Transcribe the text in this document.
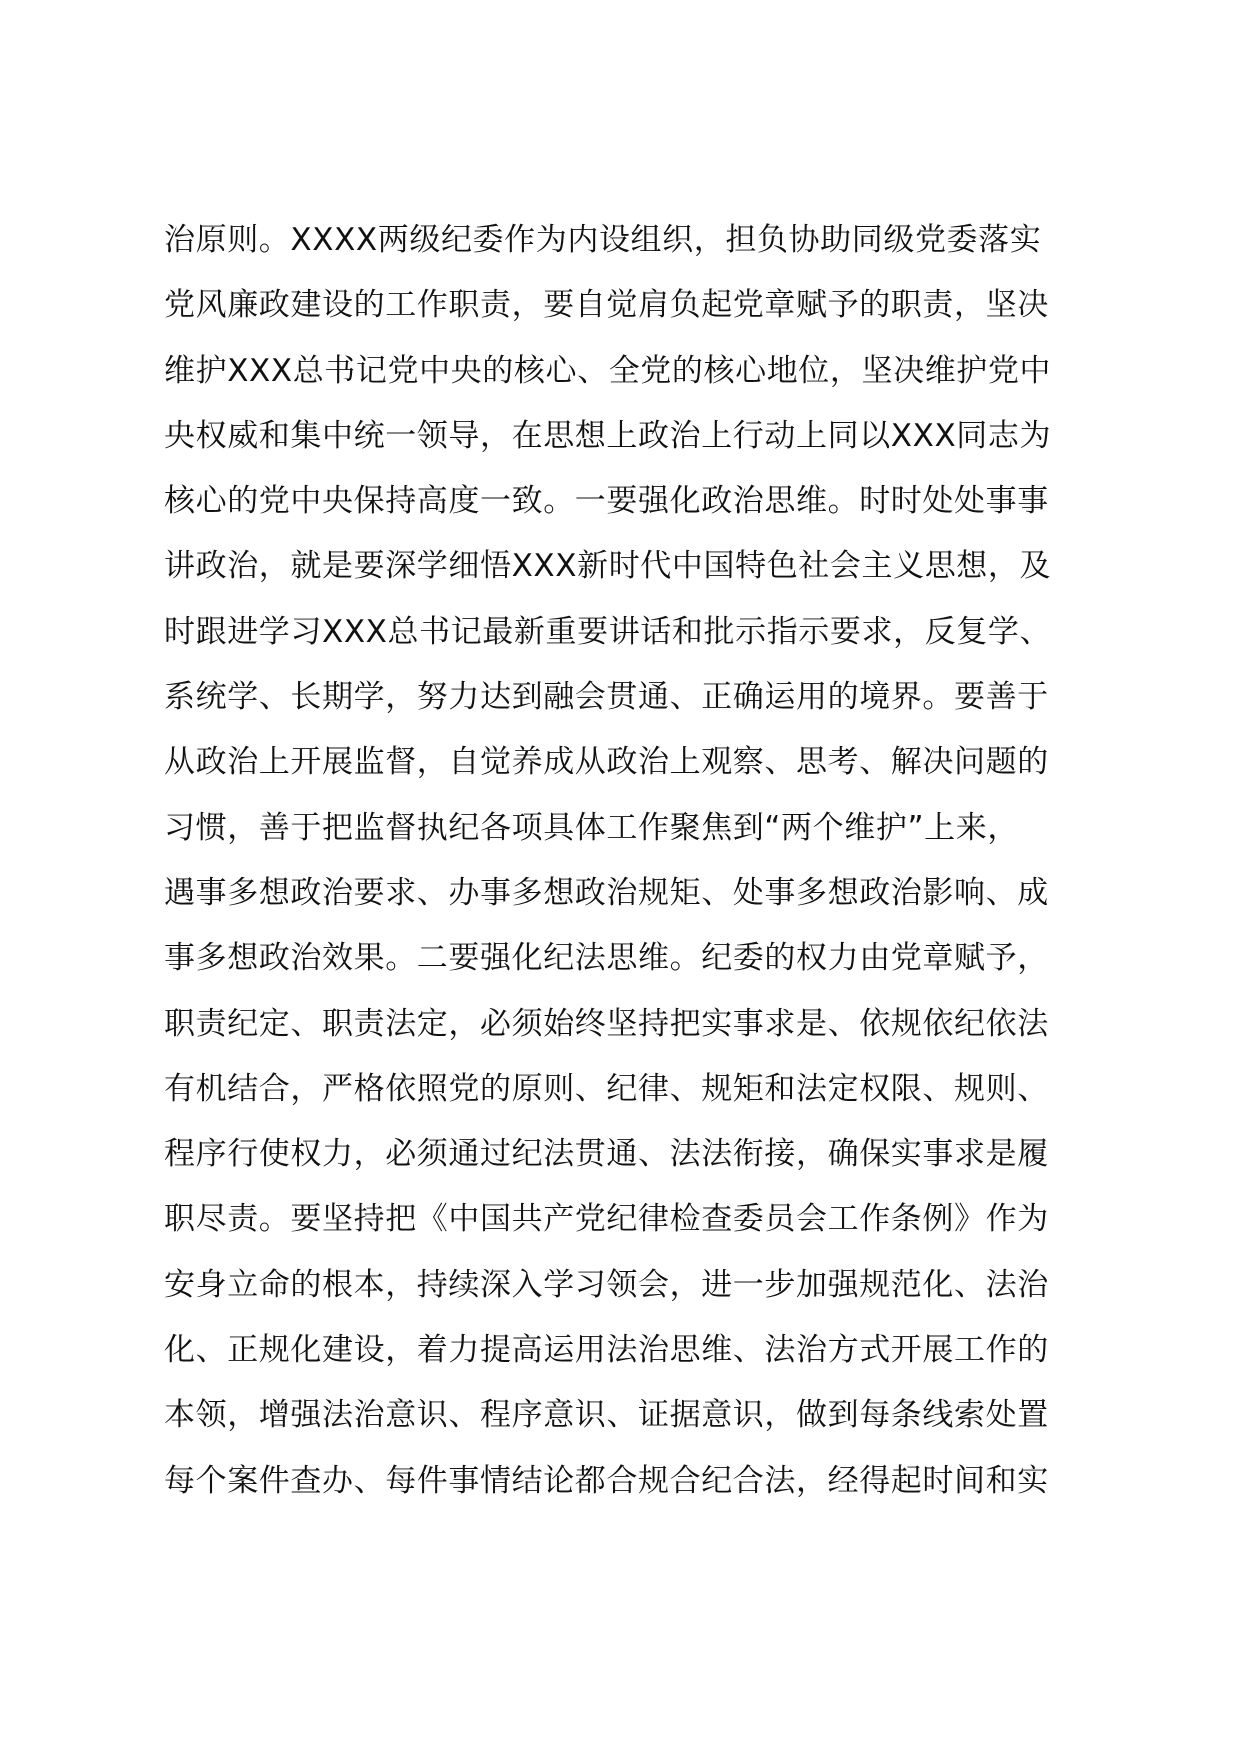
治原则。XXXX两级纪委作为内设组织，担负协助同级党委落实
党风廉政建设的工作职责，要自觉肩负起党章赋予的职责，坚决
维护XXX总书记党中央的核心、全党的核心地位，坚决维护党中
央权威和集中统一领导，在思想上政治上行动上同以XXX同志为
核心的党中央保持高度一致。一要强化政治思维。时时处处事事
讲政治，就是要深学细悟XXX新时代中国特色社会主义思想，及
时跟进学习XXX总书记最新重要讲话和批示指示要求，反复学、
系统学、长期学，努力达到融会贯通、正确运用的境界。要善于
从政治上开展监督，自觉养成从政治上观察、思考、解决问题的
习惯，善于把监督执纪各项具体工作聚焦到“两个维护”上来，
遇事多想政治要求、办事多想政治规矩、处事多想政治影响、成
事多想政治效果。二要强化纪法思维。纪委的权力由党章赋予，
职责纪定、职责法定，必须始终坚持把实事求是、依规依纪依法
有机结合，严格依照党的原则、纪律、规矩和法定权限、规则、
程序行使权力，必须通过纪法贯通、法法衔接，确保实事求是履
职尽责。要坚持把《中国共产党纪律检查委员会工作条例》作为
安身立命的根本，持续深入学习领会，进一步加强规范化、法治
化、正规化建设，着力提高运用法治思维、法治方式开展工作的
本领，增强法治意识、程序意识、证据意识，做到每条线索处置
每个案件查办、每件事情结论都合规合纪合法，经得起时间和实
